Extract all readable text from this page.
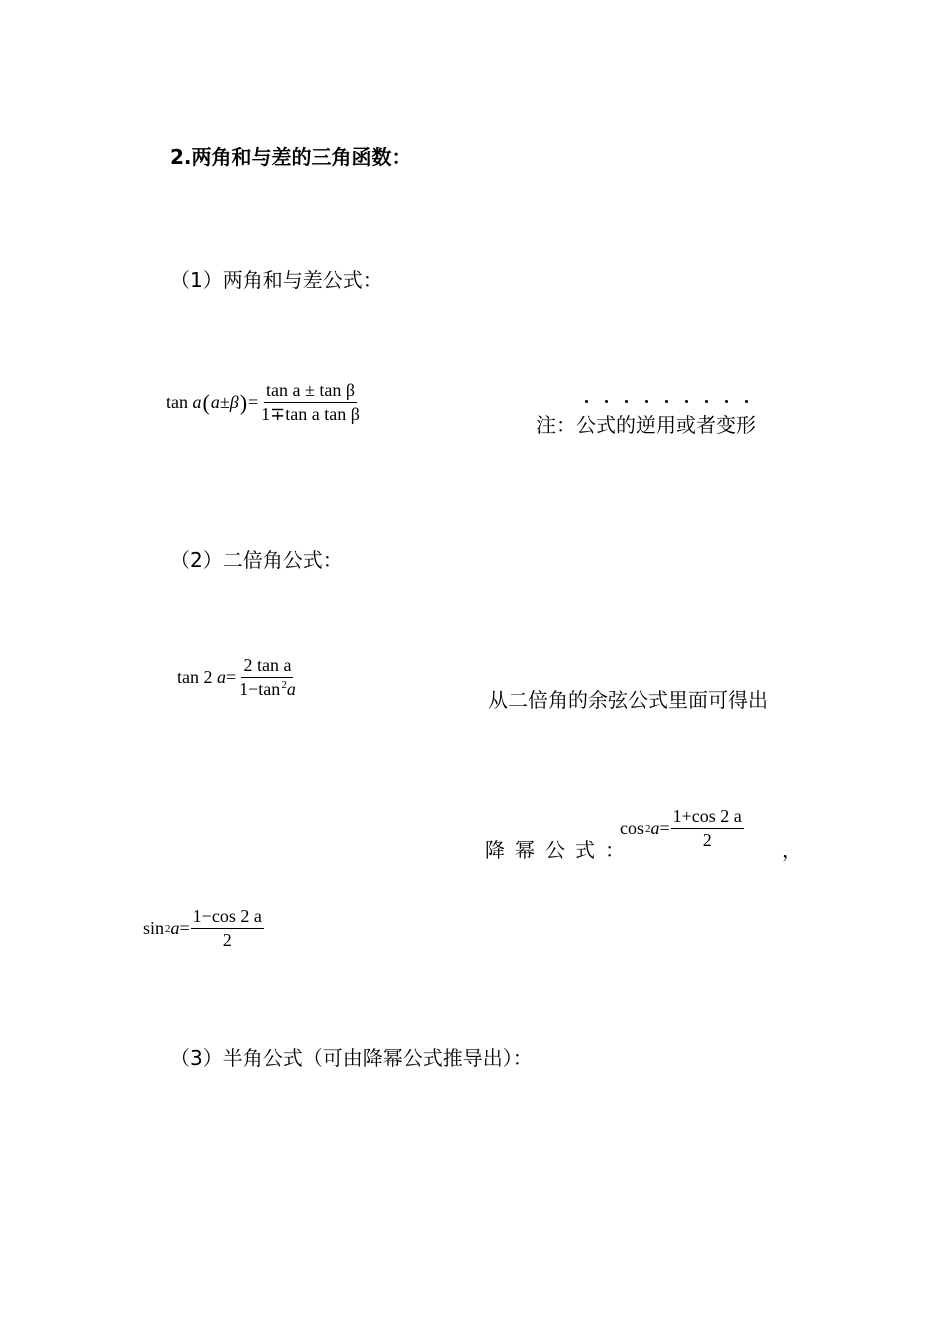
2.两角和与差的三角函数：
（1）两角和与差公式：
tan
a ( a ± β ) = $\frac{\text{tan a ± tan β}}{\text{1∓tan a tan β}}$	注：公式的逆用或者变形
（2）二倍角公式：
tan 2
$a = \frac{\text{2 tan a}}{1-\tan^2a}$	从二倍角的余弦公式里面可得出
降幂公式：
cos 2 $a = \frac{1+\cos 2 a}{2}$ ，
sin 2 $a = \frac{1-\cos 2 a}{2}$
（3）半角公式（可由降幂公式推导出）：
